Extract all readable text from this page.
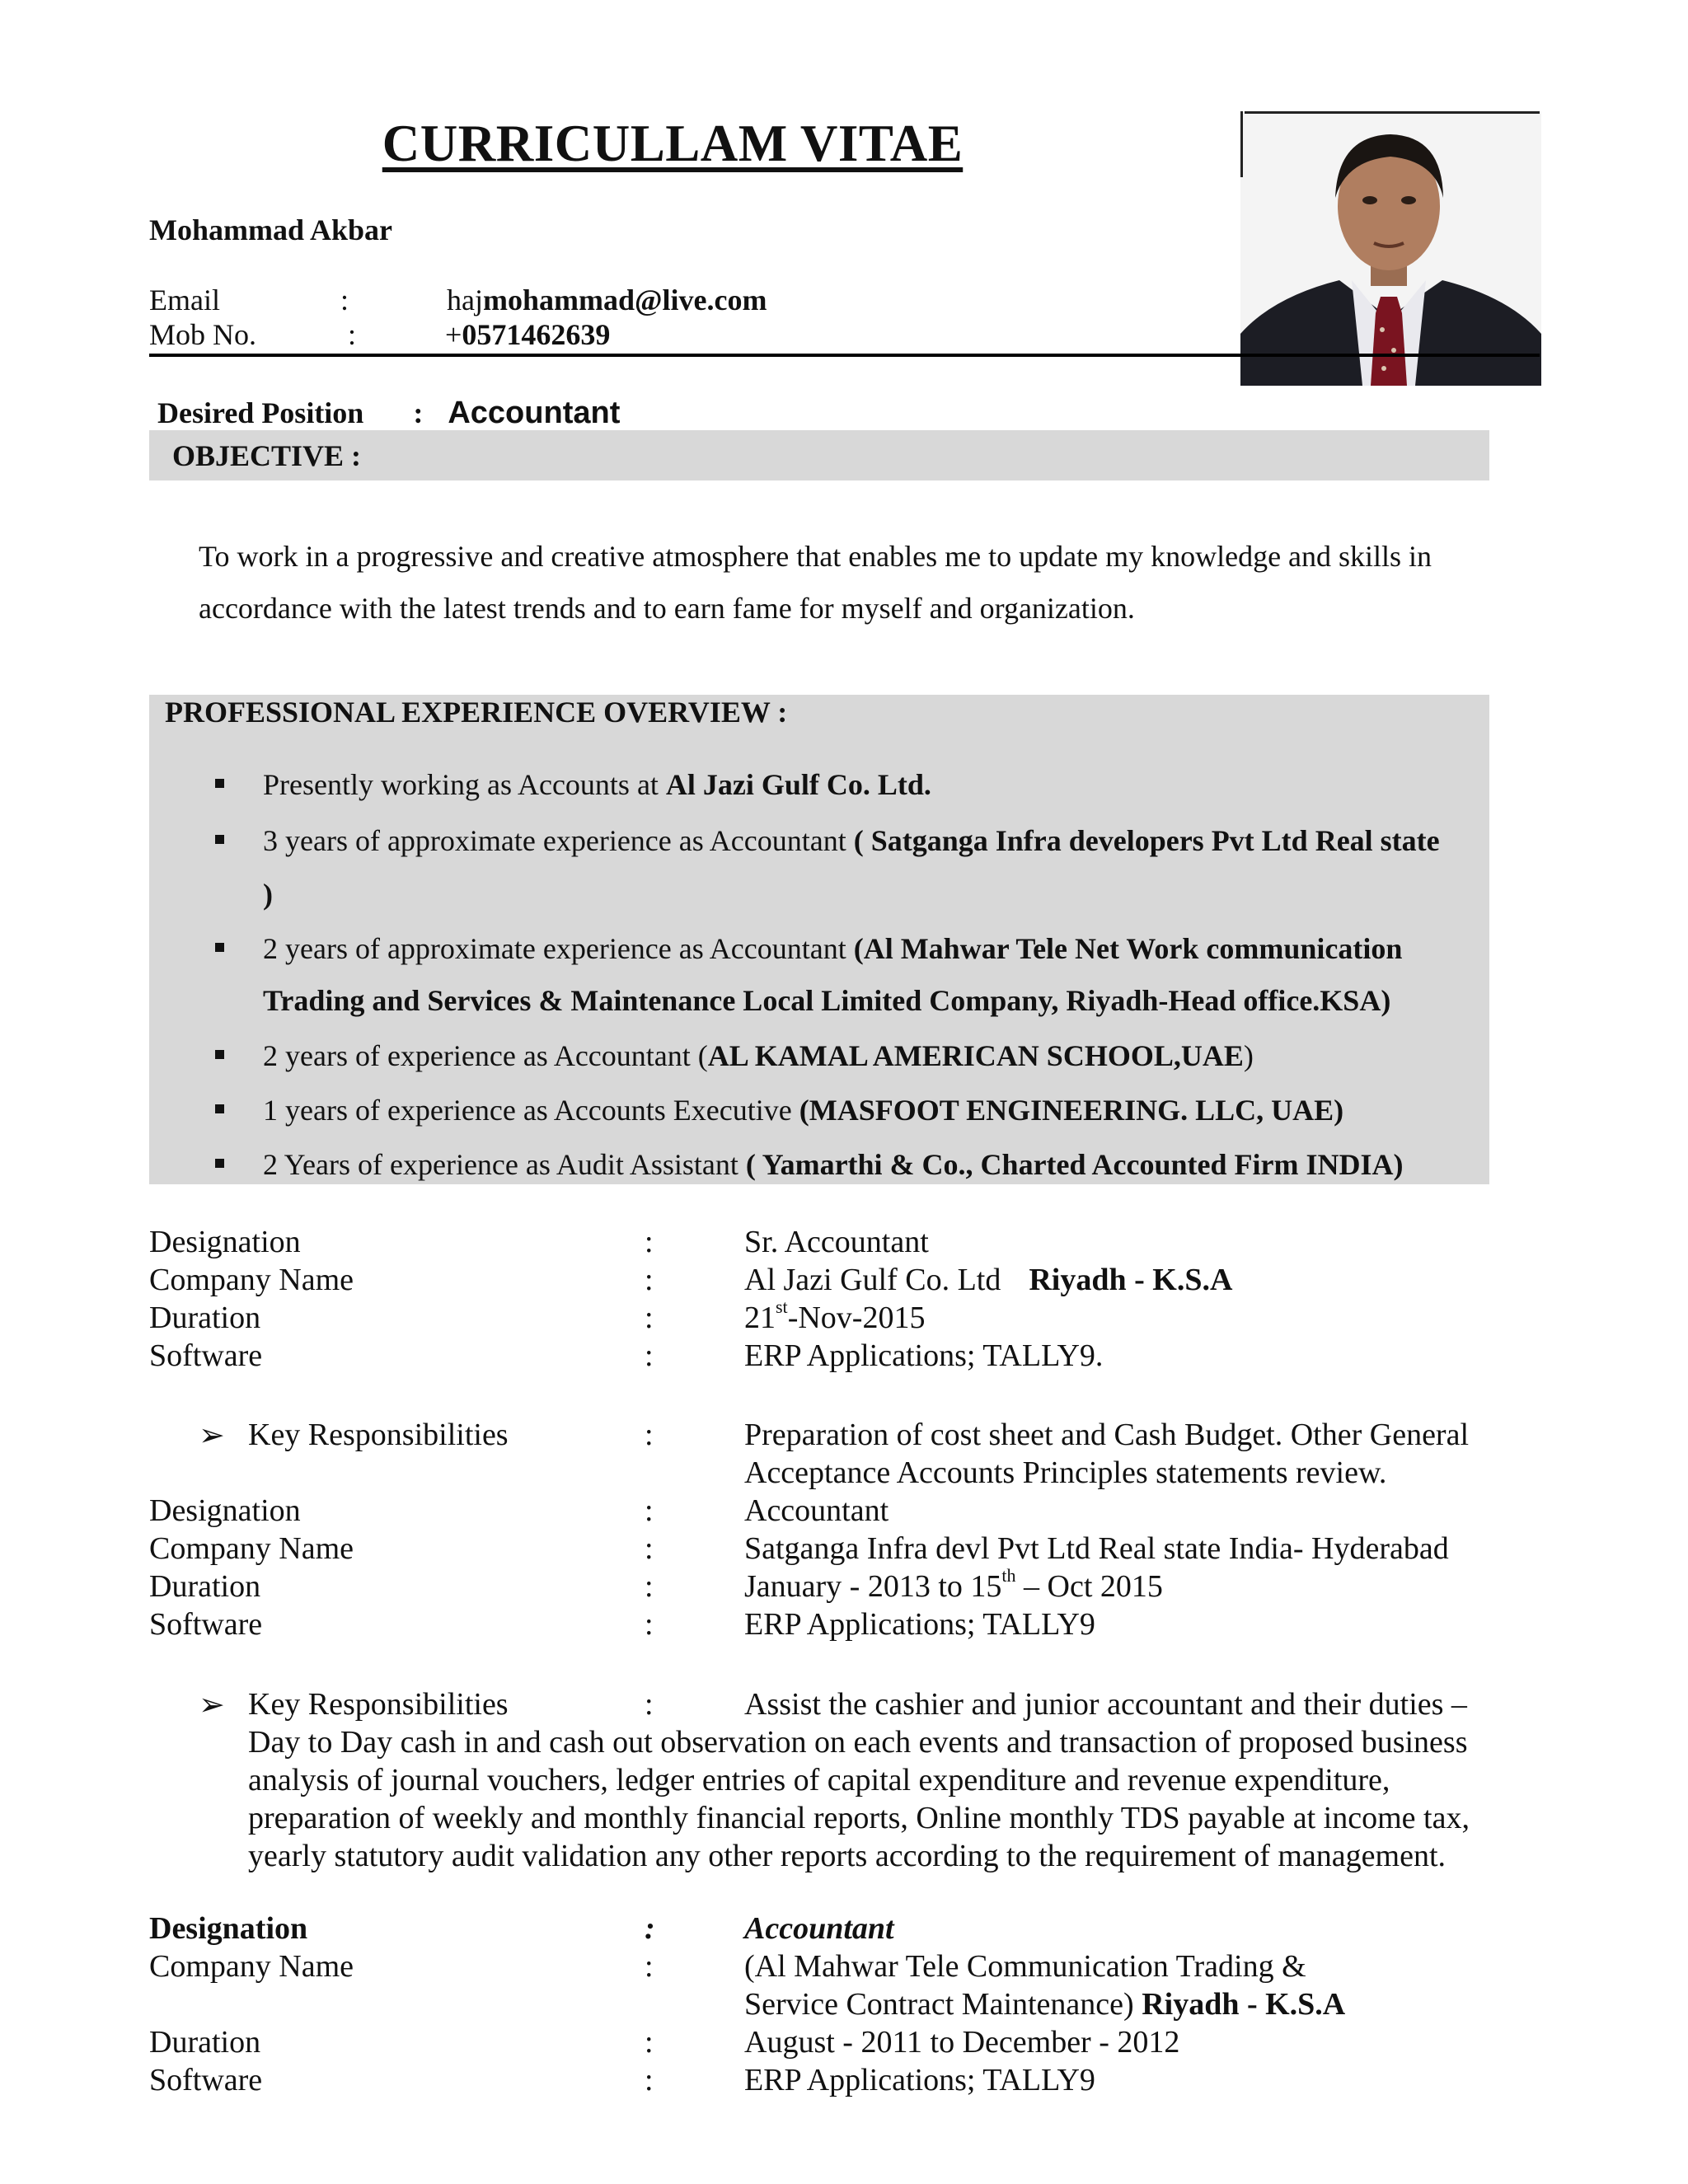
CURRICULLAM VITAE
Mohammad Akbar
Email	:	hajmohammad@live.com
Mob No.	:	+0571462639
Desired Position : Accountant
OBJECTIVE :
To work in a progressive and creative atmosphere that enables me to update my knowledge and skills in
accordance with the latest trends and to earn fame for myself and organization.
PROFESSIONAL EXPERIENCE OVERVIEW :
Presently working as Accounts at Al Jazi Gulf Co. Ltd.
3 years of approximate experience as Accountant ( Satganga Infra developers Pvt Ltd Real state
)
2 years of approximate experience as Accountant (Al Mahwar Tele Net Work communication
Trading and Services & Maintenance Local Limited Company, Riyadh-Head office.KSA)
2 years of experience as Accountant (AL KAMAL AMERICAN SCHOOL,UAE)
1 years of experience as Accounts Executive (MASFOOT ENGINEERING. LLC, UAE)
2 Years of experience as Audit Assistant ( Yamarthi & Co., Charted Accounted Firm INDIA)
Designation	:	Sr. Accountant
Company Name	:	Al Jazi Gulf Co. Ltd Riyadh - K.S.A
Duration	:	21st-Nov-2015
Software	:	ERP Applications; TALLY9.
➢ Key Responsibilities	:	Preparation of cost sheet and Cash Budget. Other General
Acceptance Accounts Principles statements review.
Designation	:	Accountant
Company Name	:	Satganga Infra devl Pvt Ltd Real state India- Hyderabad
Duration	:	January - 2013 to 15th – Oct 2015
Software	:	ERP Applications; TALLY9
➢ Key Responsibilities	:	Assist the cashier and junior accountant and their duties –
Day to Day cash in and cash out observation on each events and transaction of proposed business
analysis of journal vouchers, ledger entries of capital expenditure and revenue expenditure,
preparation of weekly and monthly financial reports, Online monthly TDS payable at income tax,
yearly statutory audit validation any other reports according to the requirement of management.
Designation	:	Accountant
Company Name	:	(Al Mahwar Tele Communication Trading &
Service Contract Maintenance) Riyadh - K.S.A
Duration	:	August - 2011 to December - 2012
Software	:	ERP Applications; TALLY9
